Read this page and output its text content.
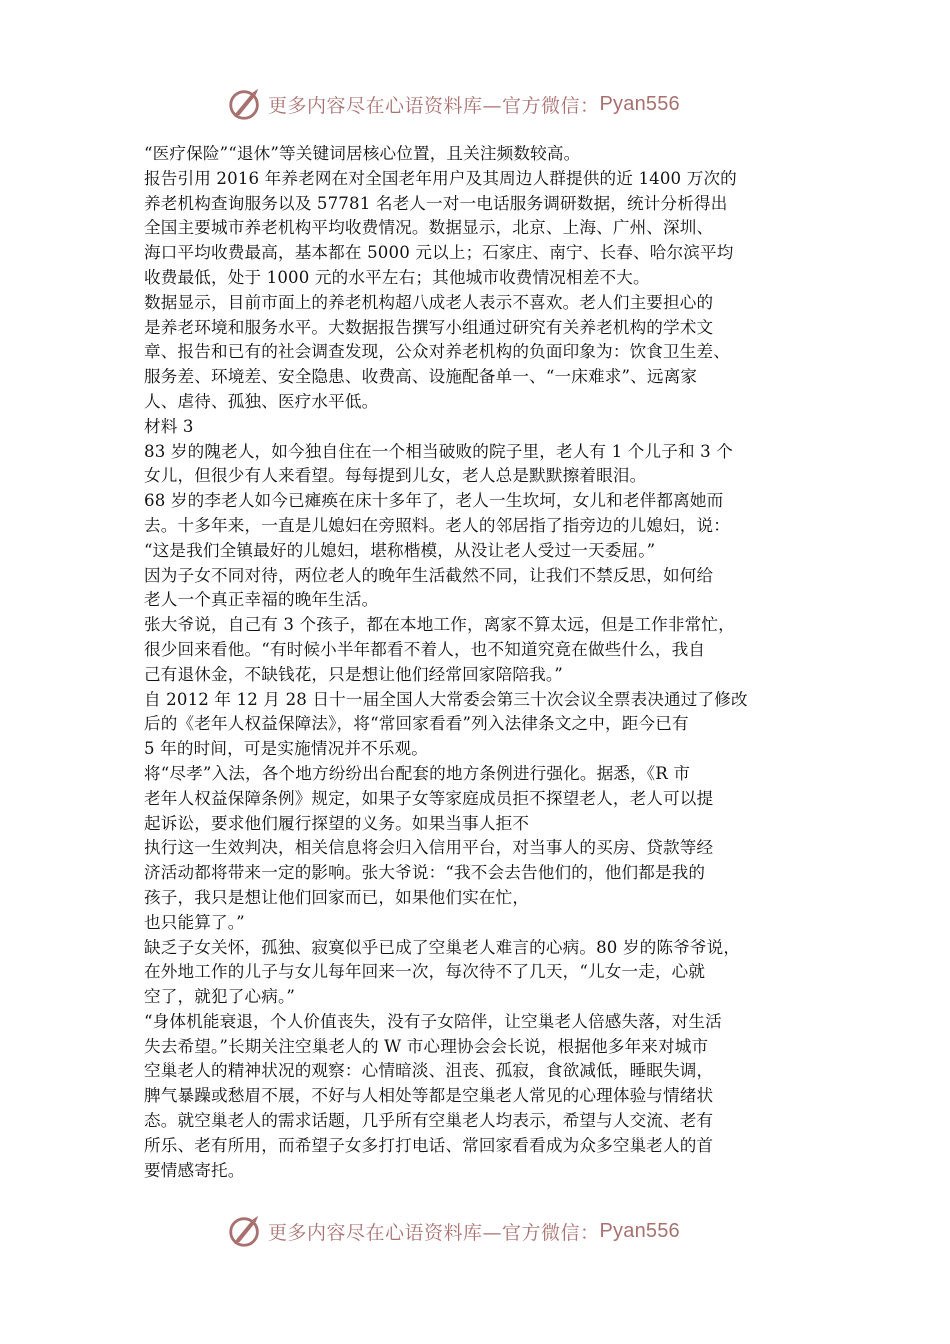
更多内容尽在心语资料库—官方微信： Pyan556

“医疗保险”“退休”等关键词居核心位置，且关注频数较高。

报告引用 2016 年养老网在对全国老年用户及其周边人群提供的近 1400 万次的
养老机构查询服务以及 57781 名老人一对一电话服务调研数据，统计分析得出
全国主要城市养老机构平均收费情况。数据显示，北京、上海、广州、深圳、
海口平均收费最高，基本都在 5000 元以上；石家庄、南宁、长春、哈尔滨平均
收费最低，处于 1000 元的水平左右；其他城市收费情况相差不大。

数据显示，目前市面上的养老机构超八成老人表示不喜欢。老人们主要担心的
是养老环境和服务水平。大数据报告撰写小组通过研究有关养老机构的学术文
章、报告和已有的社会调查发现，公众对养老机构的负面印象为：饮食卫生差、
服务差、环境差、安全隐患、收费高、设施配备单一、“一床难求”、远离家
人、虐待、孤独、医疗水平低。

材料 3

83 岁的隗老人，如今独自住在一个相当破败的院子里，老人有 1 个儿子和 3 个
女儿，但很少有人来看望。每每提到儿女，老人总是默默擦着眼泪。

68 岁的李老人如今已瘫痪在床十多年了，老人一生坎坷，女儿和老伴都离她而
去。十多年来，一直是儿媳妇在旁照料。老人的邻居指了指旁边的儿媳妇，说：
“这是我们全镇最好的儿媳妇，堪称楷模，从没让老人受过一天委屈。”

因为子女不同对待，两位老人的晚年生活截然不同，让我们不禁反思，如何给
老人一个真正幸福的晚年生活。

张大爷说，自己有 3 个孩子，都在本地工作，离家不算太远，但是工作非常忙，
很少回来看他。“有时候小半年都看不着人，也不知道究竟在做些什么，我自
己有退休金，不缺钱花，只是想让他们经常回家陪陪我。”

自 2012 年 12 月 28 日十一届全国人大常委会第三十次会议全票表决通过了修改
后的《老年人权益保障法》，将“常回家看看”列入法律条文之中，距今已有
5 年的时间，可是实施情况并不乐观。

将“尽孝”入法，各个地方纷纷出台配套的地方条例进行强化。据悉，《R 市
老年人权益保障条例》规定，如果子女等家庭成员拒不探望老人，老人可以提
起诉讼，要求他们履行探望的义务。如果当事人拒不

执行这一生效判决，相关信息将会归入信用平台，对当事人的买房、贷款等经
济活动都将带来一定的影响。张大爷说：“我不会去告他们的，他们都是我的
孩子，我只是想让他们回家而已，如果他们实在忙，

也只能算了。”

缺乏子女关怀，孤独、寂寞似乎已成了空巢老人难言的心病。80 岁的陈爷爷说，
在外地工作的儿子与女儿每年回来一次，每次待不了几天，“儿女一走，心就
空了，就犯了心病。”

“身体机能衰退，个人价值丧失，没有子女陪伴，让空巢老人倍感失落，对生活
失去希望。”长期关注空巢老人的 W 市心理协会会长说，根据他多年来对城市
空巢老人的精神状况的观察：心情暗淡、沮丧、孤寂，食欲减低，睡眠失调，
脾气暴躁或愁眉不展，不好与人相处等都是空巢老人常见的心理体验与情绪状
态。就空巢老人的需求话题，几乎所有空巢老人均表示，希望与人交流、老有
所乐、老有所用，而希望子女多打打电话、常回家看看成为众多空巢老人的首
要情感寄托。

更多内容尽在心语资料库—官方微信： Pyan556
